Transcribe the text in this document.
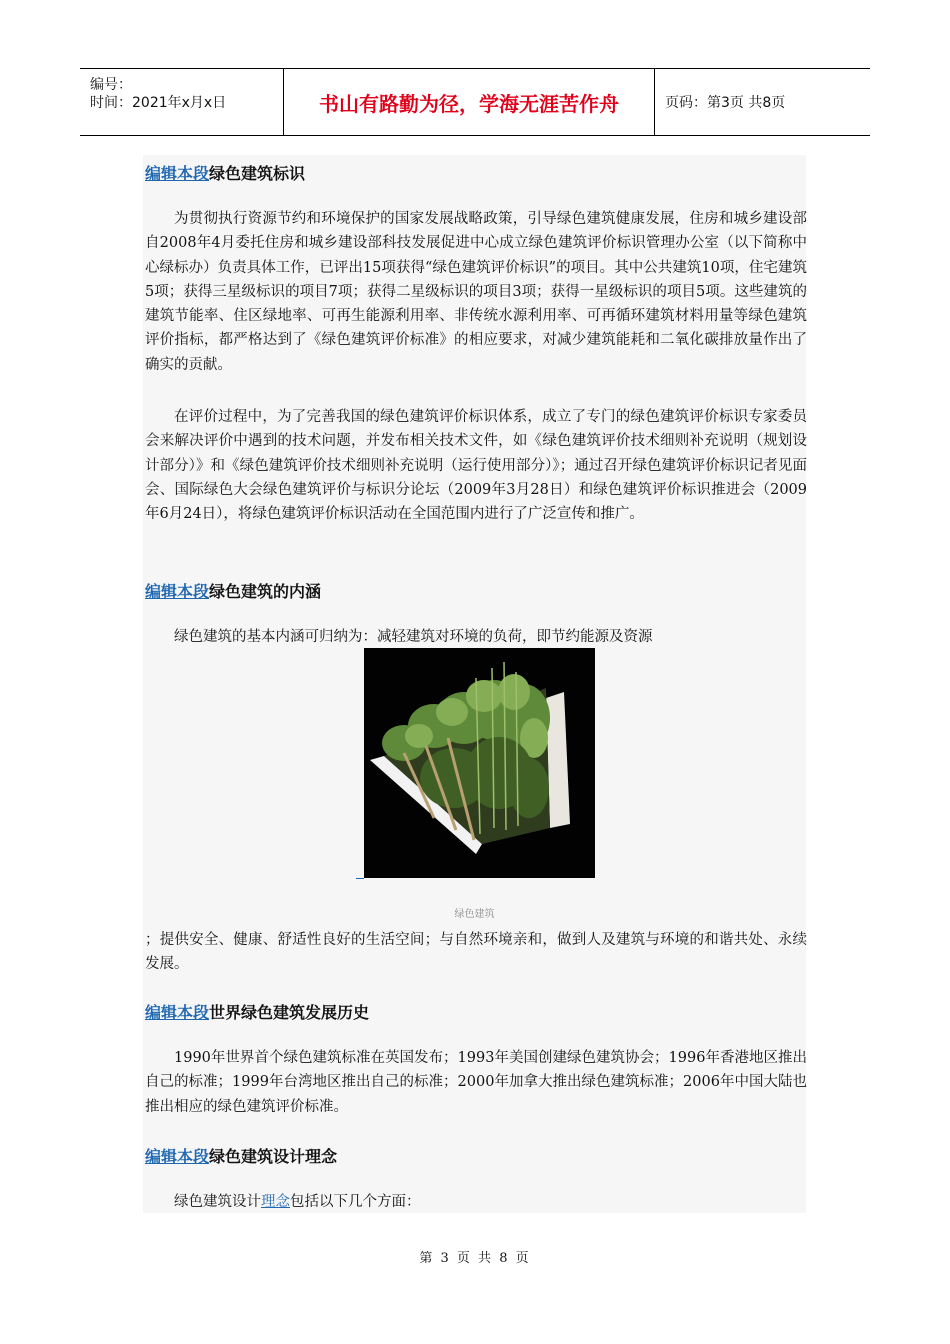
编号：
时间：2021年x月x日	书山有路勤为径，学海无涯苦作舟	页码：第3页 共8页
编辑本段绿色建筑标识
为贯彻执行资源节约和环境保护的国家发展战略政策，引导绿色建筑健康发展，住房和城乡建设部自2008年4月委托住房和城乡建设部科技发展促进中心成立绿色建筑评价标识管理办公室（以下简称中心绿标办）负责具体工作，已评出15项获得“绿色建筑评价标识”的项目。其中公共建筑10项，住宅建筑5项；获得三星级标识的项目7项；获得二星级标识的项目3项；获得一星级标识的项目5项。这些建筑的建筑节能率、住区绿地率、可再生能源利用率、非传统水源利用率、可再循环建筑材料用量等绿色建筑评价指标，都严格达到了《绿色建筑评价标准》的相应要求，对减少建筑能耗和二氧化碳排放量作出了确实的贡献。
在评价过程中，为了完善我国的绿色建筑评价标识体系，成立了专门的绿色建筑评价标识专家委员会来解决评价中遇到的技术问题，并发布相关技术文件，如《绿色建筑评价技术细则补充说明（规划设计部分）》和《绿色建筑评价技术细则补充说明（运行使用部分）》；通过召开绿色建筑评价标识记者见面会、国际绿色大会绿色建筑评价与标识分论坛（2009年3月28日）和绿色建筑评价标识推进会（2009年6月24日），将绿色建筑评价标识活动在全国范围内进行了广泛宣传和推广。
编辑本段绿色建筑的内涵
绿色建筑的基本内涵可归纳为：减轻建筑对环境的负荷，即节约能源及资源
绿色建筑
；提供安全、健康、舒适性良好的生活空间；与自然环境亲和，做到人及建筑与环境的和谐共处、永续发展。
编辑本段世界绿色建筑发展历史
1990年世界首个绿色建筑标准在英国发布；1993年美国创建绿色建筑协会；1996年香港地区推出自己的标准；1999年台湾地区推出自己的标准；2000年加拿大推出绿色建筑标准；2006年中国大陆也推出相应的绿色建筑评价标准。
编辑本段绿色建筑设计理念
绿色建筑设计理念包括以下几个方面：
第 3 页 共 8 页
